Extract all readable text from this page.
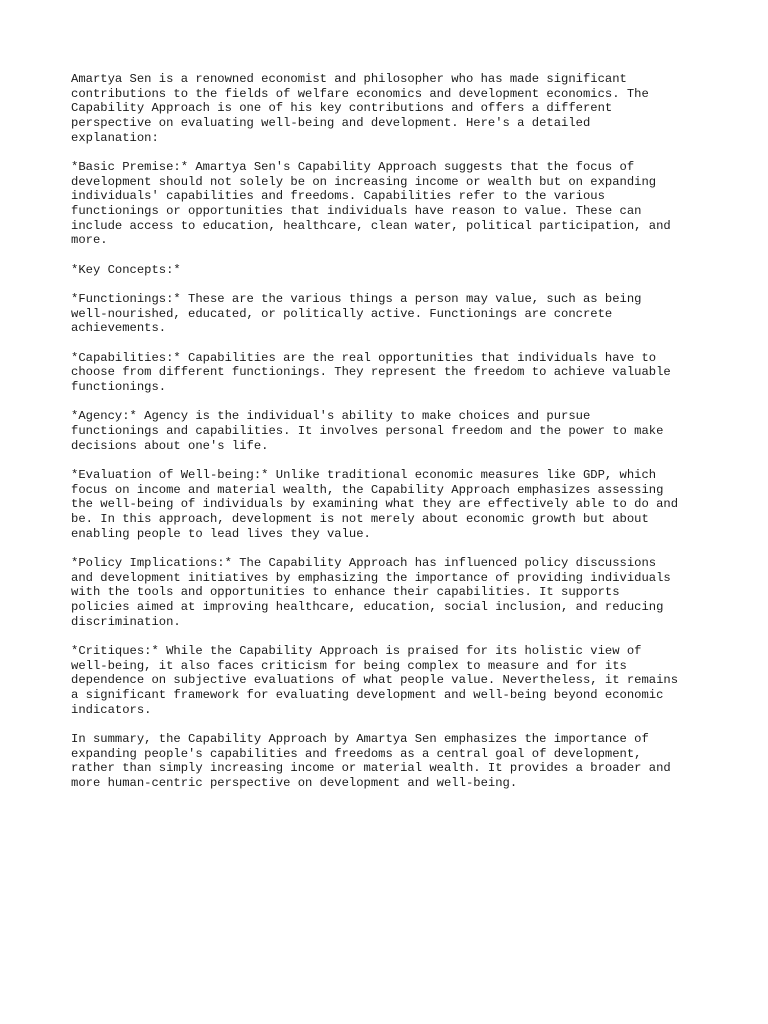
Amartya Sen is a renowned economist and philosopher who has made significant
contributions to the fields of welfare economics and development economics. The
Capability Approach is one of his key contributions and offers a different
perspective on evaluating well-being and development. Here's a detailed
explanation:

*Basic Premise:* Amartya Sen's Capability Approach suggests that the focus of
development should not solely be on increasing income or wealth but on expanding
individuals' capabilities and freedoms. Capabilities refer to the various
functionings or opportunities that individuals have reason to value. These can
include access to education, healthcare, clean water, political participation, and
more.

*Key Concepts:*

*Functionings:* These are the various things a person may value, such as being
well-nourished, educated, or politically active. Functionings are concrete
achievements.

*Capabilities:* Capabilities are the real opportunities that individuals have to
choose from different functionings. They represent the freedom to achieve valuable
functionings.

*Agency:* Agency is the individual's ability to make choices and pursue
functionings and capabilities. It involves personal freedom and the power to make
decisions about one's life.

*Evaluation of Well-being:* Unlike traditional economic measures like GDP, which
focus on income and material wealth, the Capability Approach emphasizes assessing
the well-being of individuals by examining what they are effectively able to do and
be. In this approach, development is not merely about economic growth but about
enabling people to lead lives they value.

*Policy Implications:* The Capability Approach has influenced policy discussions
and development initiatives by emphasizing the importance of providing individuals
with the tools and opportunities to enhance their capabilities. It supports
policies aimed at improving healthcare, education, social inclusion, and reducing
discrimination.

*Critiques:* While the Capability Approach is praised for its holistic view of
well-being, it also faces criticism for being complex to measure and for its
dependence on subjective evaluations of what people value. Nevertheless, it remains
a significant framework for evaluating development and well-being beyond economic
indicators.

In summary, the Capability Approach by Amartya Sen emphasizes the importance of
expanding people's capabilities and freedoms as a central goal of development,
rather than simply increasing income or material wealth. It provides a broader and
more human-centric perspective on development and well-being.
